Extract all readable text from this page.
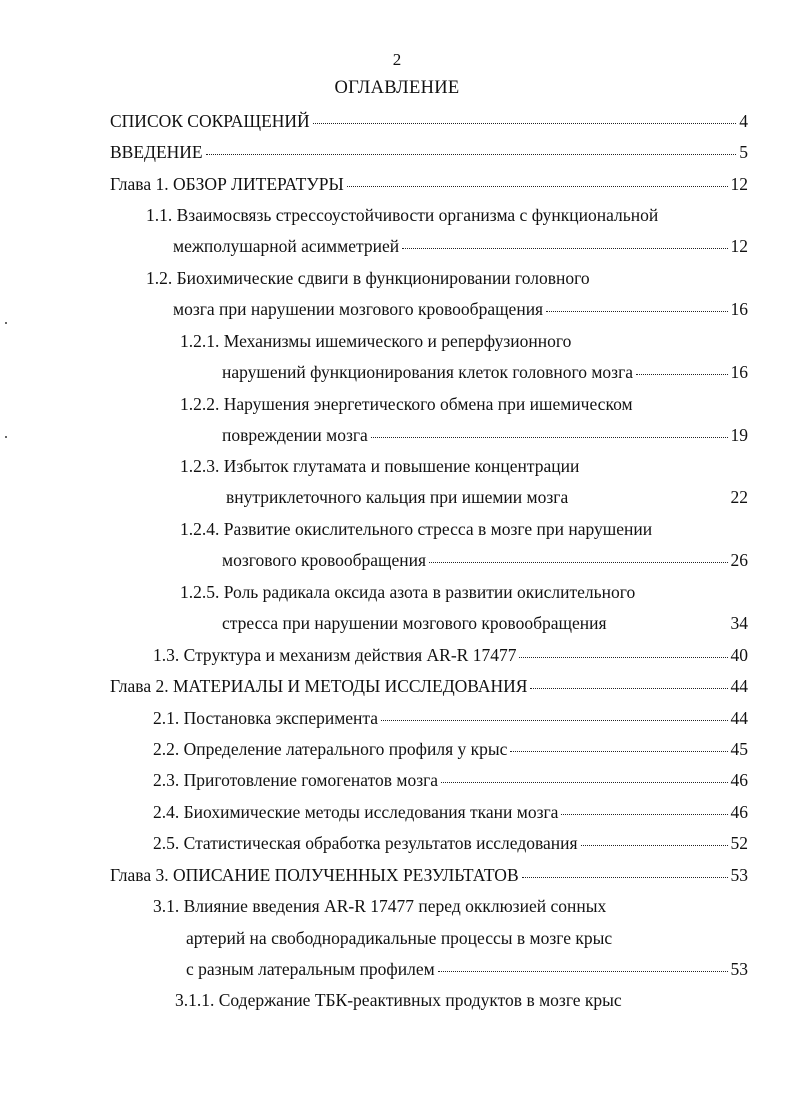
2
ОГЛАВЛЕНИЕ
СПИСОК СОКРАЩЕНИЙ	4
ВВЕДЕНИЕ	5
Глава 1. ОБЗОР ЛИТЕРАТУРЫ	12
1.1. Взаимосвязь стрессоустойчивости организма с функциональной
межполушарной асимметрией	12
1.2. Биохимические сдвиги в функционировании головного
мозга при нарушении мозгового кровообращения	16
1.2.1. Механизмы ишемического и реперфузионного
нарушений функционирования клеток головного мозга	16
1.2.2. Нарушения энергетического обмена при ишемическом
повреждении мозга	19
1.2.3. Избыток глутамата и повышение концентрации
внутриклеточного кальция при ишемии мозга	22
1.2.4. Развитие окислительного стресса в мозге при нарушении
мозгового кровообращения	26
1.2.5. Роль радикала оксида азота в развитии окислительного
стресса при нарушении мозгового кровообращения	34
1.3. Структура и механизм действия AR-R 17477	40
Глава 2. МАТЕРИАЛЫ И МЕТОДЫ ИССЛЕДОВАНИЯ	44
2.1. Постановка эксперимента	44
2.2. Определение латерального профиля у крыс	45
2.3. Приготовление гомогенатов мозга	46
2.4. Биохимические методы исследования ткани мозга	46
2.5. Статистическая обработка результатов исследования	52
Глава 3. ОПИСАНИЕ ПОЛУЧЕННЫХ РЕЗУЛЬТАТОВ	53
3.1. Влияние введения AR-R 17477 перед окклюзией сонных
артерий на свободнорадикальные процессы в мозге крыс
с разным латеральным профилем	53
3.1.1. Содержание ТБК-реактивных продуктов в мозге крыс
